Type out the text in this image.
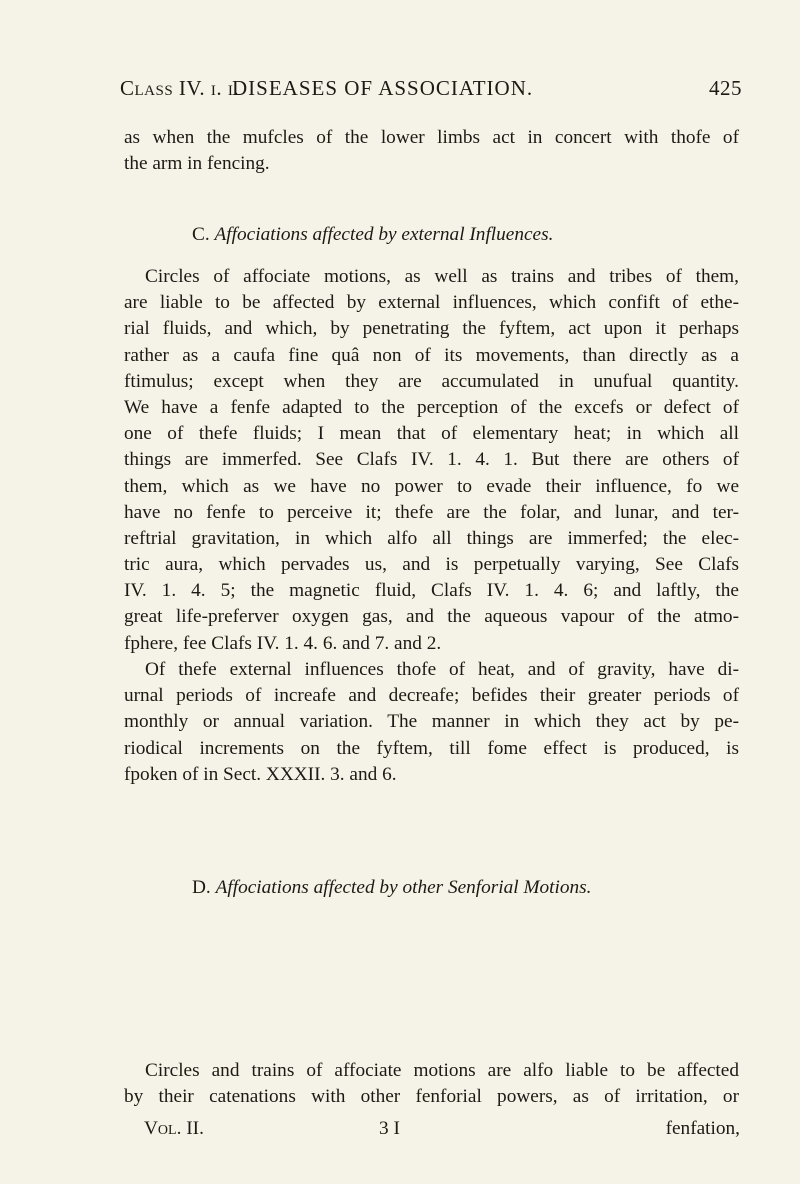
Class IV. i. i.
DISEASES OF ASSOCIATION.	425
as when the mufcles of the lower limbs act in concert with thofe of
the arm in fencing.
C. Affociations affected by external Influences.
Circles of affociate motions, as well as trains and tribes of them,
are liable to be affected by external influences, which confift of ethe-
rial fluids, and which, by penetrating the fyftem, act upon it perhaps
rather as a caufa fine quâ non of its movements, than directly as a
ftimulus; except when they are accumulated in unufual quantity.
We have a fenfe adapted to the perception of the excefs or defect of
one of thefe fluids; I mean that of elementary heat; in which all
things are immerfed. See Clafs IV. 1. 4. 1. But there are others of
them, which as we have no power to evade their influence, fo we
have no fenfe to perceive it; thefe are the folar, and lunar, and ter-
reftrial gravitation, in which alfo all things are immerfed; the elec-
tric aura, which pervades us, and is perpetually varying, See Clafs
IV. 1. 4. 5; the magnetic fluid, Clafs IV. 1. 4. 6; and laftly, the
great life-preferver oxygen gas, and the aqueous vapour of the atmo-
fphere, fee Clafs IV. 1. 4. 6. and 7. and 2.
Of thefe external influences thofe of heat, and of gravity, have di-
urnal periods of increafe and decreafe; befides their greater periods of
monthly or annual variation. The manner in which they act by pe-
riodical increments on the fyftem, till fome effect is produced, is
fpoken of in Sect. XXXII. 3. and 6.
D. Affociations affected by other Senforial Motions.
Circles and trains of affociate motions are alfo liable to be affected
by their catenations with other fenforial powers, as of irritation, or
Vol. II.	3 I	fenfation,
